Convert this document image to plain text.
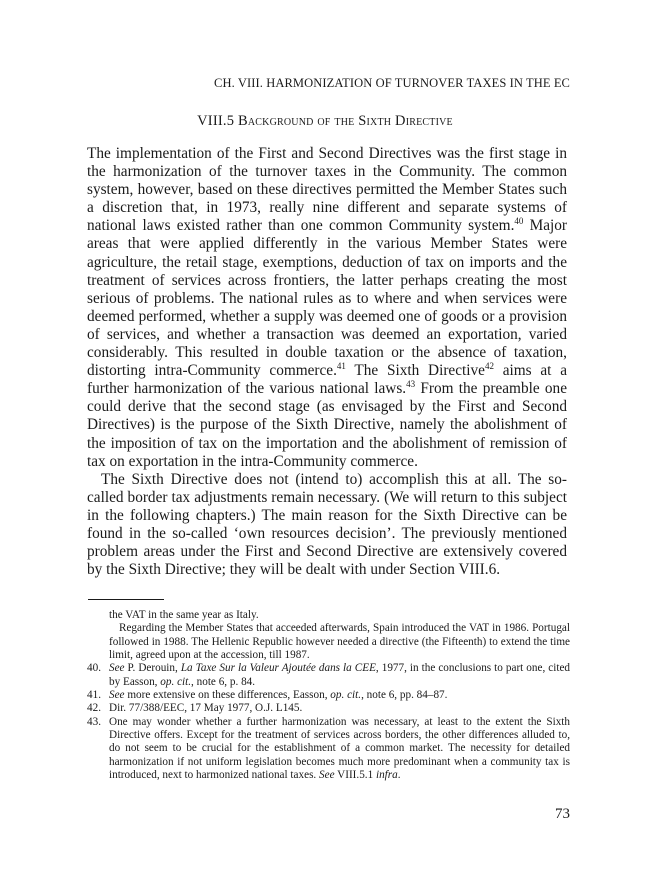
CH. VIII. HARMONIZATION OF TURNOVER TAXES IN THE EC
VIII.5 Background of the Sixth Directive

The implementation of the First and Second Directives was the first stage in the harmonization of the turnover taxes in the Community. The common system, however, based on these directives permitted the Member States such a discretion that, in 1973, really nine different and separate systems of national laws existed rather than one common Community system.$^{40}$ Major areas that were applied differently in the various Member States were agriculture, the retail stage, exemptions, deduction of tax on imports and the treatment of services across frontiers, the latter perhaps creating the most serious of problems. The national rules as to where and when services were deemed performed, whether a supply was deemed one of goods or a provision of services, and whether a transaction was deemed an exportation, varied considerably. This resulted in double taxation or the absence of taxation, distorting intra-Community commerce.$^{41}$ The Sixth Directive$^{42}$ aims at a further harmonization of the various national laws.$^{43}$ From the preamble one could derive that the second stage (as envisaged by the First and Second Directives) is the purpose of the Sixth Directive, namely the abolishment of the imposition of tax on the importation and the abolishment of remission of tax on exportation in the intra-Community commerce.

The Sixth Directive does not (intend to) accomplish this at all. The so-called border tax adjustments remain necessary. (We will return to this subject in the following chapters.) The main reason for the Sixth Directive can be found in the so-called ‘own resources decision’. The previously mentioned problem areas under the First and Second Directive are extensively covered by the Sixth Directive; they will be dealt with under Section VIII.6.

the VAT in the same year as Italy.

Regarding the Member States that acceeded afterwards, Spain introduced the VAT in 1986. Portugal followed in 1988. The Hellenic Republic however needed a directive (the Fifteenth) to extend the time limit, agreed upon at the accession, till 1987.

40. See P. Derouin, La Taxe Sur la Valeur Ajoutée dans la CEE, 1977, in the conclusions to part one, cited by Easson, op. cit., note 6, p. 84.
41. See more extensive on these differences, Easson, op. cit., note 6, pp. 84–87.
42. Dir. 77/388/EEC, 17 May 1977, O.J. L145.
43. One may wonder whether a further harmonization was necessary, at least to the extent the Sixth Directive offers. Except for the treatment of services across borders, the other differences alluded to, do not seem to be crucial for the establishment of a common market. The necessity for detailed harmonization if not uniform legislation becomes much more predominant when a community tax is introduced, next to harmonized national taxes. See VIII.5.1 infra.
73
